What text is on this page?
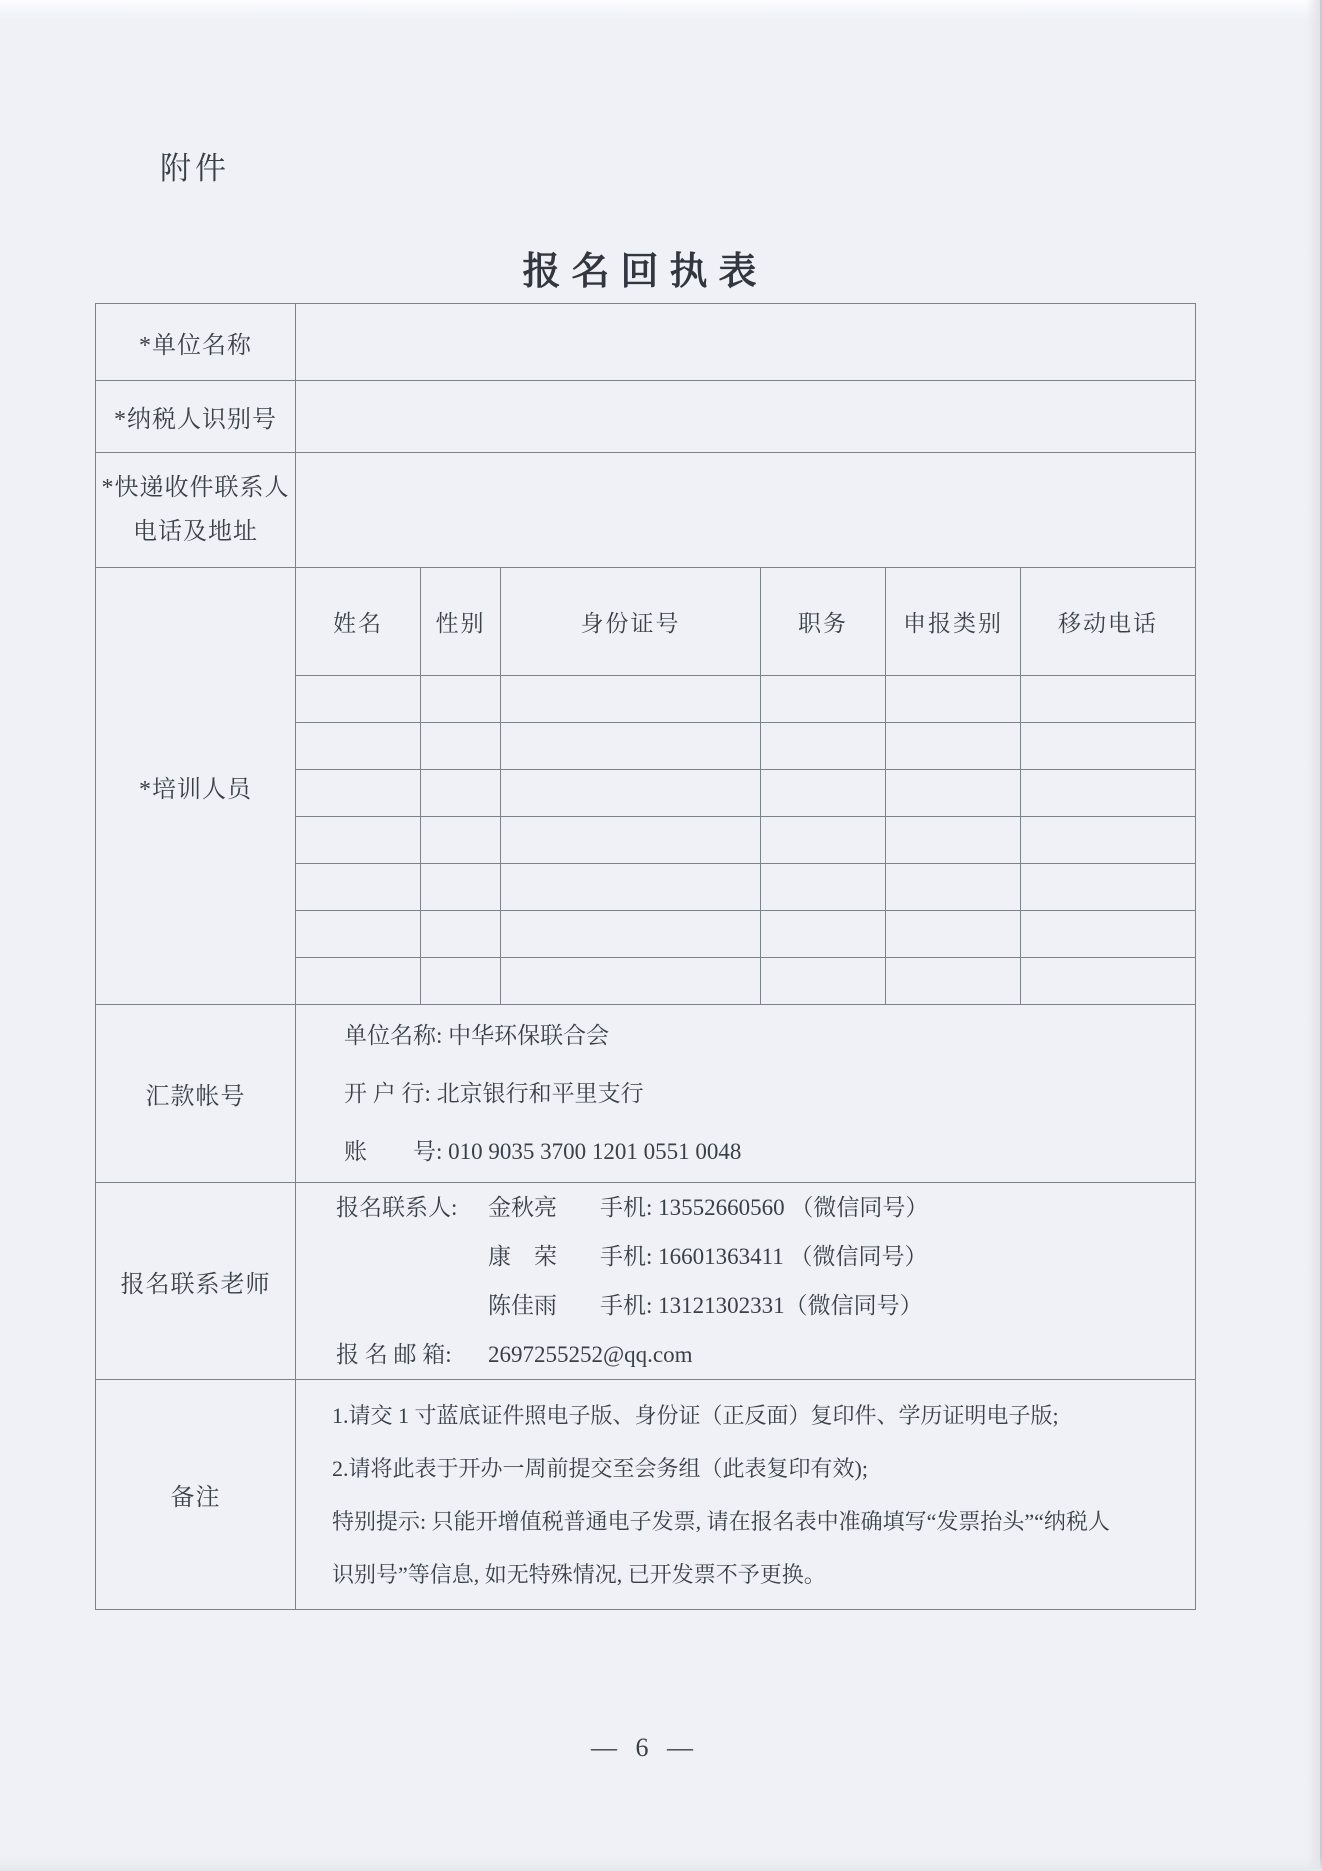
附件
报名回执表
*单位名称						
*纳税人识别号						

*快递收件联系人
电话及地址						

*培训人员	姓名	性别	身份证号	职务	申报类别	移动电话

汇款帐号	单位名称: 中华环保联合会
开 户 行: 北京银行和平里支行
账　　号: 010 9035 3700 1201 0551 0048					

报名联系老师	报名联系人: 金秋亮 手机: 13552660560 （微信同号）
康　荣 手机: 16601363411 （微信同号）
陈佳雨 手机: 13121302331（微信同号）
报 名 邮 箱: 2697255252@qq.com					

备注	1.请交 1 寸蓝底证件照电子版、身份证（正反面）复印件、学历证明电子版;
2.请将此表于开办一周前提交至会务组（此表复印有效);
特别提示: 只能开增值税普通电子发票, 请在报名表中准确填写“发票抬头”“纳税人
识别号”等信息, 如无特殊情况, 已开发票不予更换。					
— 6 —
